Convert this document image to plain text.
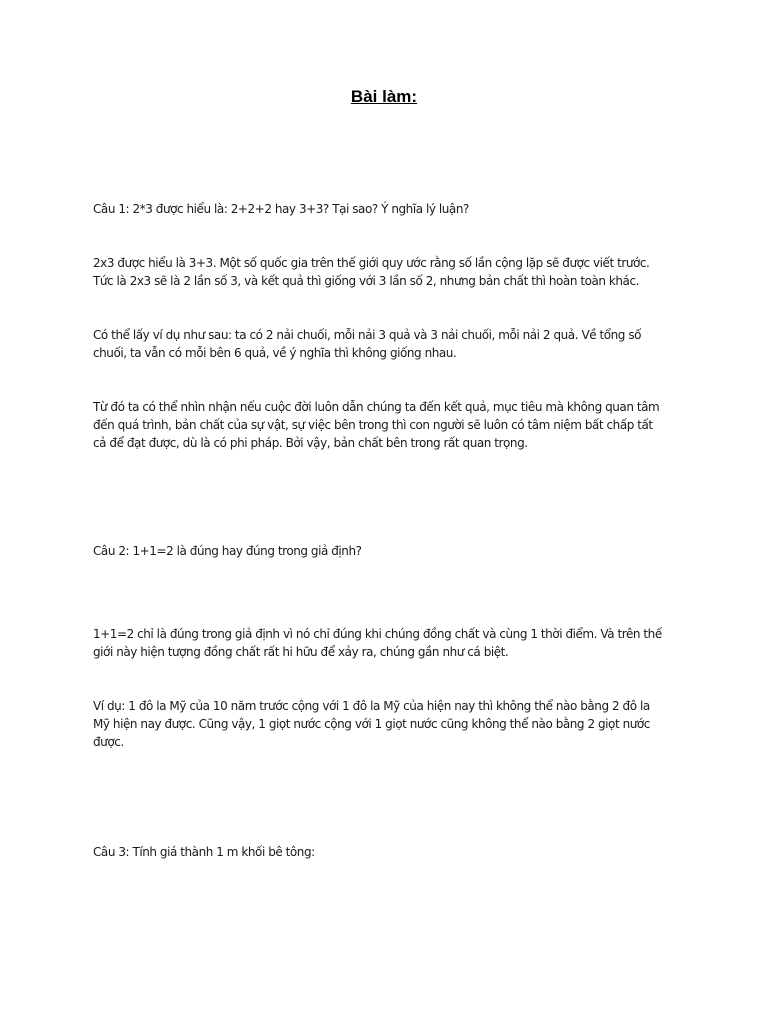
Bài làm:

Câu 1: 2*3 được hiểu là: 2+2+2 hay 3+3? Tại sao? Ý nghĩa lý luận?

2x3 được hiểu là 3+3. Một số quốc gia trên thế giới quy ước rằng số lần cộng lặp sẽ được viết trước.
Tức là 2x3 sẽ là 2 lần số 3, và kết quả thì giống với 3 lần số 2, nhưng bản chất thì hoàn toàn khác.

Có thể lấy ví dụ như sau: ta có 2 nải chuối, mỗi nải 3 quả và 3 nải chuối, mỗi nải 2 quả. Về tổng số
chuối, ta vẫn có mỗi bên 6 quả, về ý nghĩa thì không giống nhau.

Từ đó ta có thể nhìn nhận nếu cuộc đời luôn dẫn chúng ta đến kết quả, mục tiêu mà không quan tâm
đến quá trình, bản chất của sự vật, sự việc bên trong thì con người sẽ luôn có tâm niệm bất chấp tất
cả để đạt được, dù là có phi pháp. Bởi vậy, bản chất bên trong rất quan trọng.

Câu 2: 1+1=2 là đúng hay đúng trong giả định?

1+1=2 chỉ là đúng trong giả định vì nó chỉ đúng khi chúng đồng chất và cùng 1 thời điểm. Và trên thế
giới này hiện tượng đồng chất rất hi hữu để xảy ra, chúng gần như cá biệt.

Ví dụ: 1 đô la Mỹ của 10 năm trước cộng với 1 đô la Mỹ của hiện nay thì không thể nào bằng 2 đô la
Mỹ hiện nay được. Cũng vậy, 1 giọt nước cộng với 1 giọt nước cũng không thể nào bằng 2 giọt nước
được.

Câu 3: Tính giá thành 1 m khối bê tông:
